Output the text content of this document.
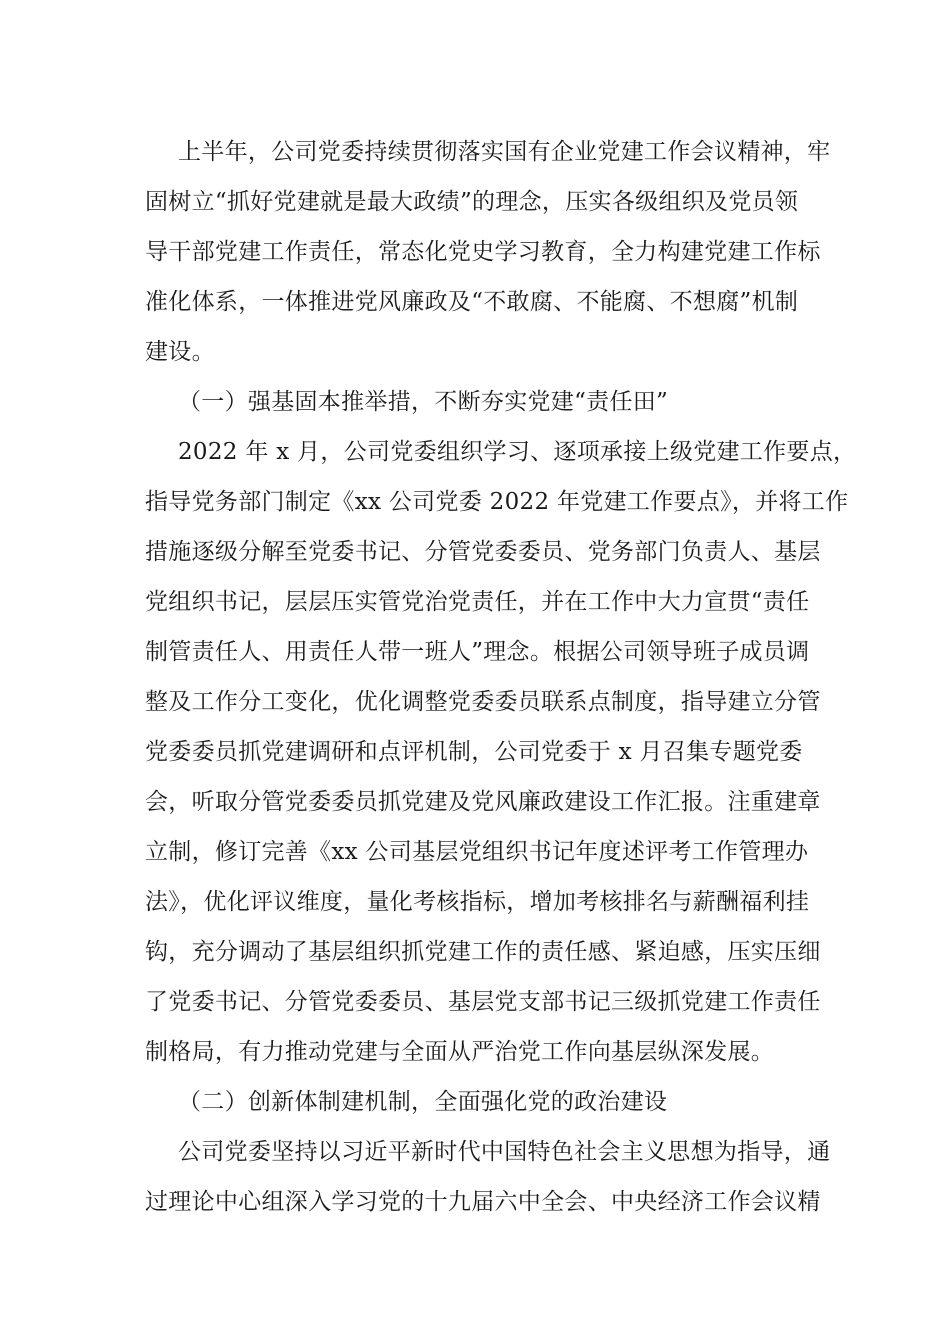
上半年，公司党委持续贯彻落实国有企业党建工作会议精神，牢
固树立“抓好党建就是最大政绩”的理念，压实各级组织及党员领
导干部党建工作责任，常态化党史学习教育，全力构建党建工作标
准化体系，一体推进党风廉政及“不敢腐、不能腐、不想腐”机制
建设。
（一）强基固本推举措，不断夯实党建“责任田”
2022 年 x 月，公司党委组织学习、逐项承接上级党建工作要点，
指导党务部门制定《xx 公司党委 2022 年党建工作要点》，并将工作
措施逐级分解至党委书记、分管党委委员、党务部门负责人、基层
党组织书记，层层压实管党治党责任，并在工作中大力宣贯“责任
制管责任人、用责任人带一班人”理念。根据公司领导班子成员调
整及工作分工变化，优化调整党委委员联系点制度，指导建立分管
党委委员抓党建调研和点评机制，公司党委于 x 月召集专题党委
会，听取分管党委委员抓党建及党风廉政建设工作汇报。注重建章
立制，修订完善《xx 公司基层党组织书记年度述评考工作管理办
法》，优化评议维度，量化考核指标，增加考核排名与薪酬福利挂
钩，充分调动了基层组织抓党建工作的责任感、紧迫感，压实压细
了党委书记、分管党委委员、基层党支部书记三级抓党建工作责任
制格局，有力推动党建与全面从严治党工作向基层纵深发展。
（二）创新体制建机制，全面强化党的政治建设
公司党委坚持以习近平新时代中国特色社会主义思想为指导，通
过理论中心组深入学习党的十九届六中全会、中央经济工作会议精
